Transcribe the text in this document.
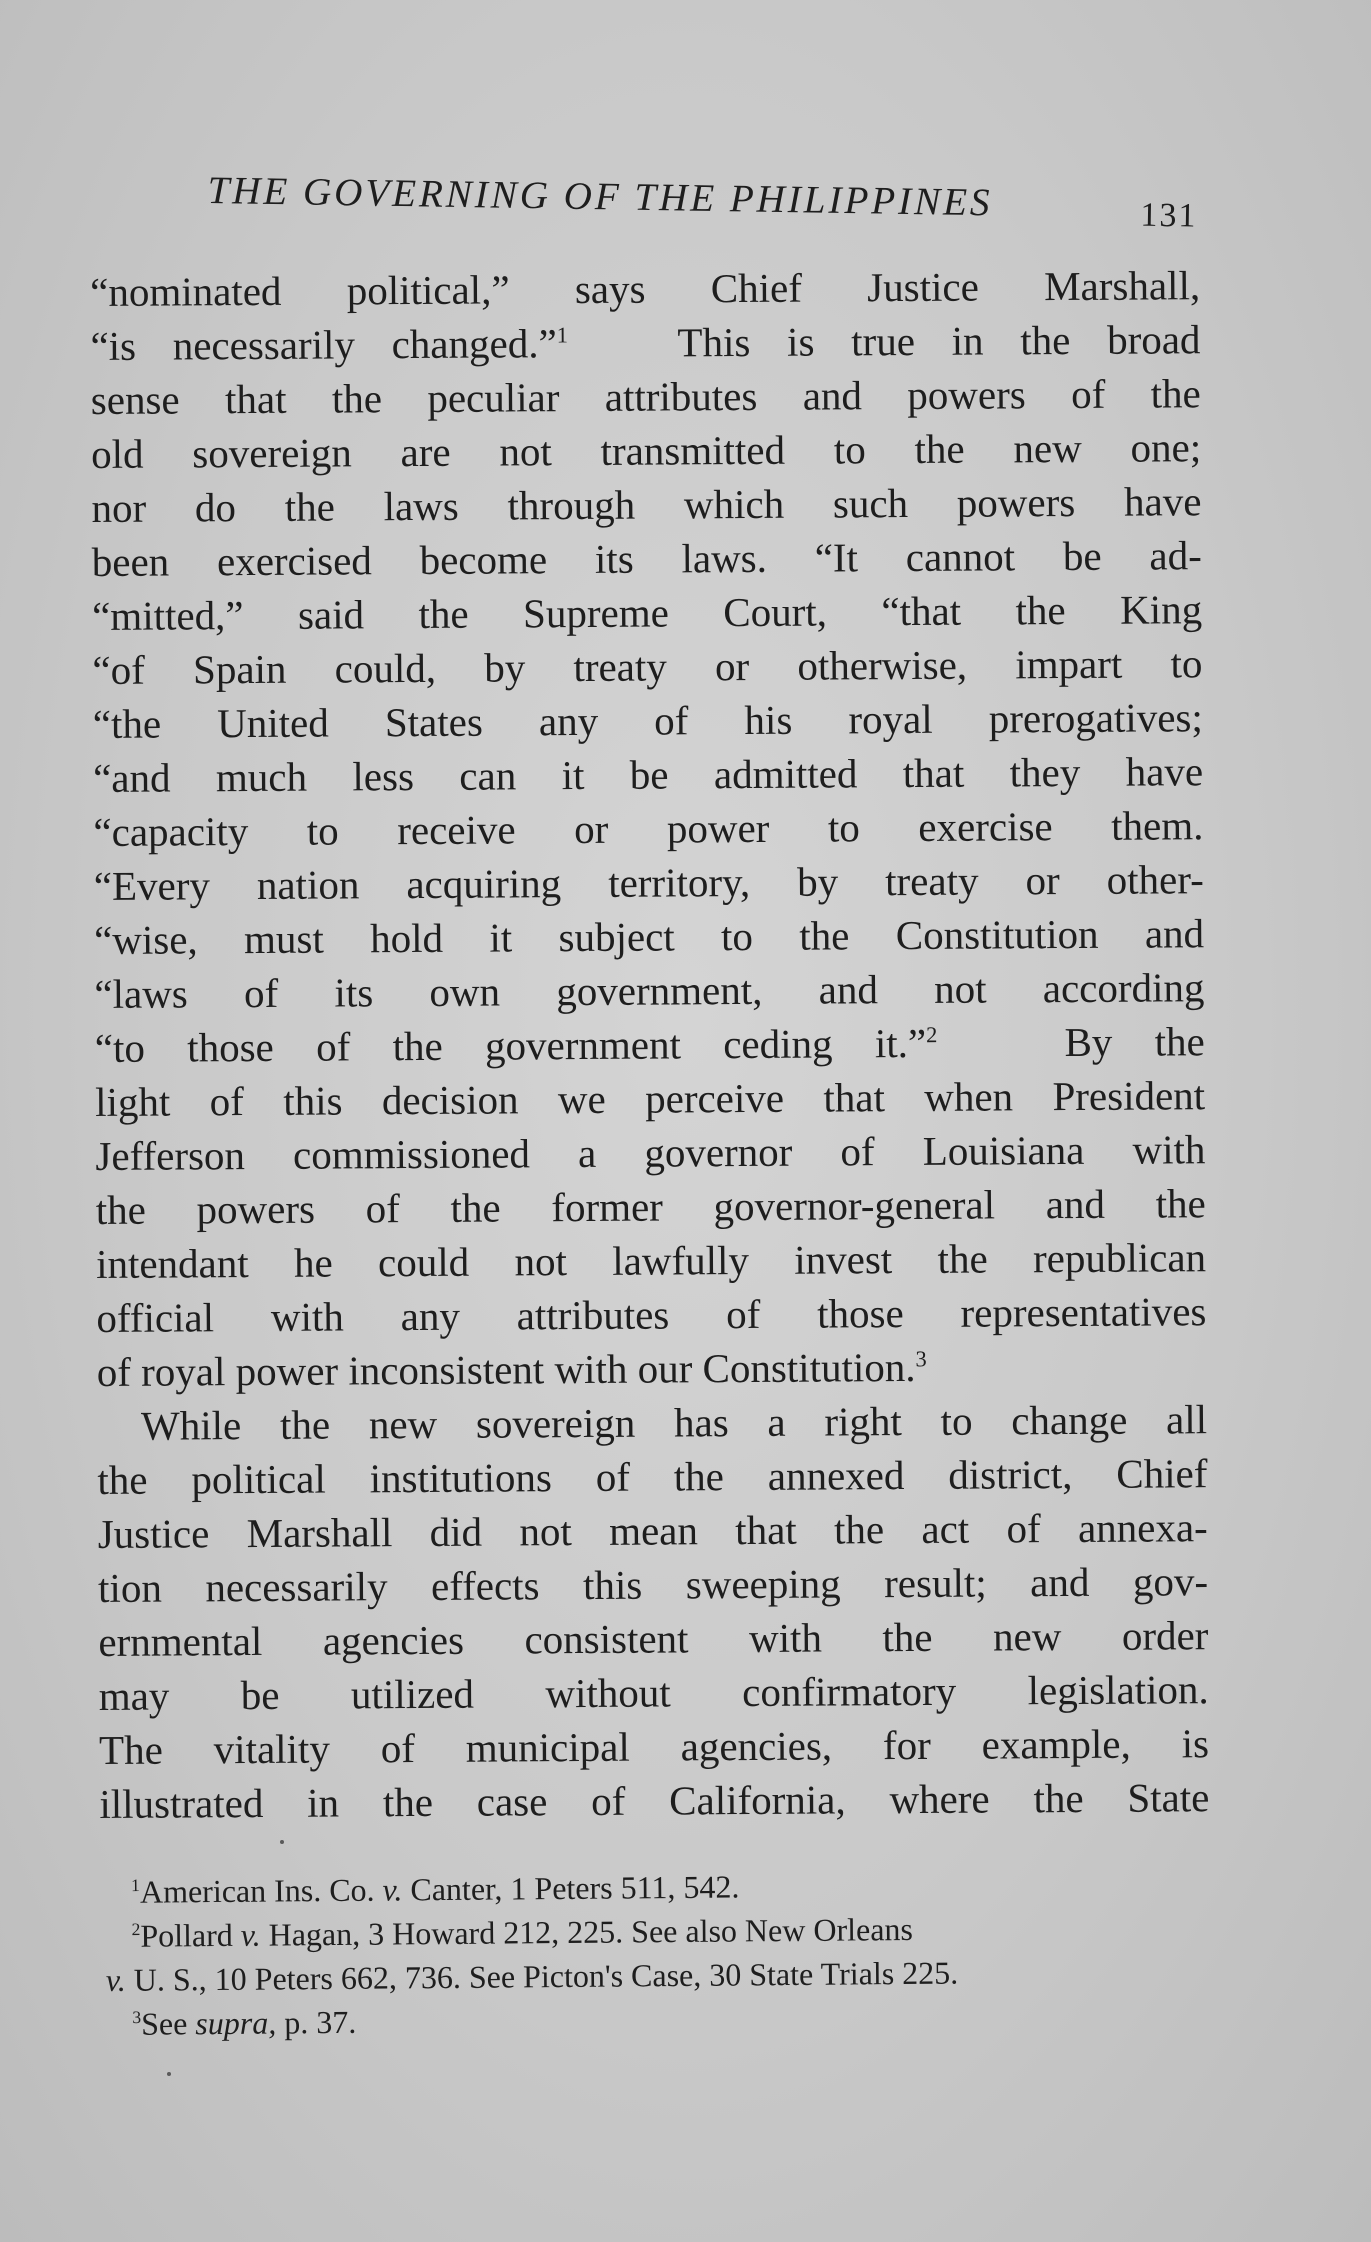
THE GOVERNING OF THE PHILIPPINES	131
“nominated political,” says Chief Justice Marshall,
“is necessarily changed.”$^1$	This is true in the broad
sense that the peculiar attributes and powers of the
old sovereign are not transmitted to the new one;
nor do the laws through which such powers have
been exercised become its laws. “It cannot be ad-
“mitted,” said the Supreme Court, “that the King
“of Spain could, by treaty or otherwise, impart to
“the United States any of his royal prerogatives;
“and much less can it be admitted that they have
“capacity to receive or power to exercise them.
“Every nation acquiring territory, by treaty or other-
“wise, must hold it subject to the Constitution and
“laws of its own government, and not according
“to those of the government ceding it.”$^2$	By the
light of this decision we perceive that when President
Jefferson commissioned a governor of Louisiana with
the powers of the former governor-general and the
intendant he could not lawfully invest the republican
official with any attributes of those representatives
of royal power inconsistent with our Constitution.$^3$
While the new sovereign has a right to change all
the political institutions of the annexed district, Chief
Justice Marshall did not mean that the act of annexa-
tion necessarily effects this sweeping result; and gov-
ernmental agencies consistent with the new order
may be utilized without confirmatory legislation.
The vitality of municipal agencies, for example, is
illustrated in the case of California, where the State
$^1$American Ins. Co. v. Canter, 1 Peters 511, 542.
$^2$Pollard v. Hagan, 3 Howard 212, 225. See also New Orleans
v. U. S., 10 Peters 662, 736. See Picton's Case, 30 State Trials 225.
$^3$See supra, p. 37.
